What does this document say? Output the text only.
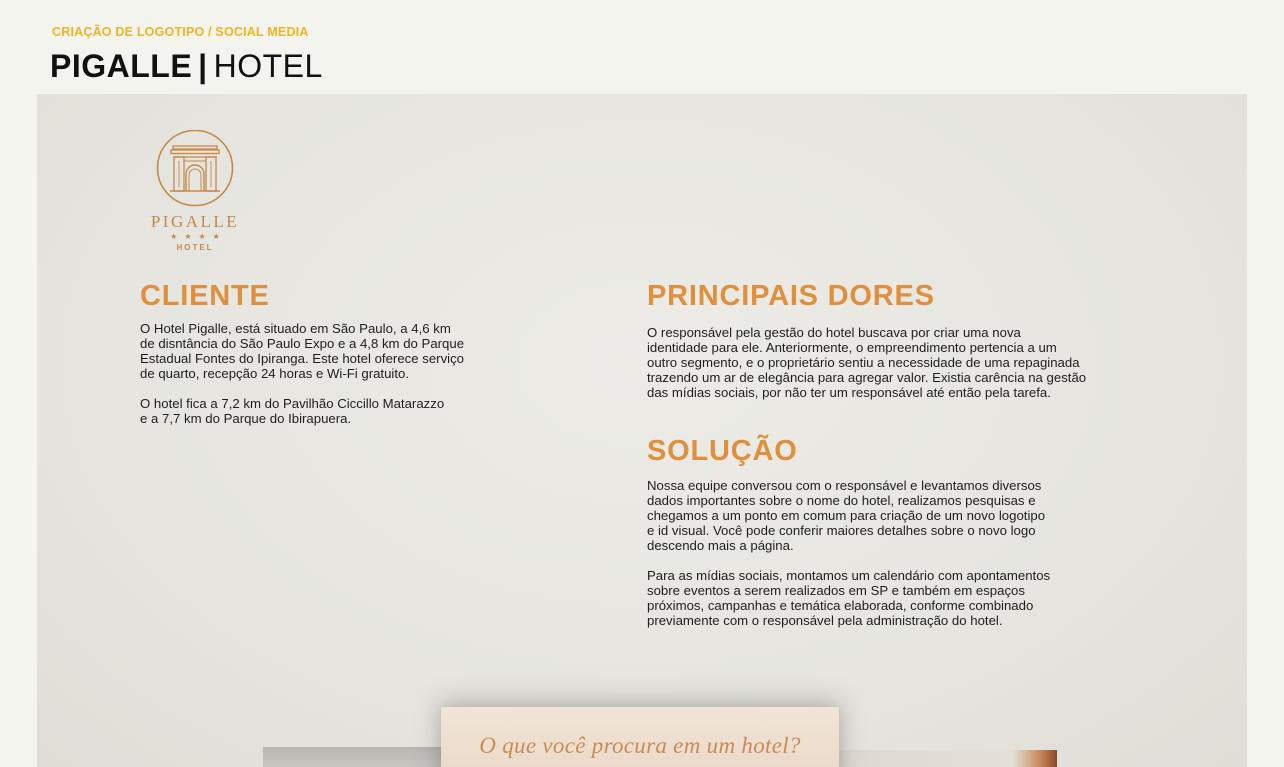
CRIAÇÃO DE LOGOTIPO / SOCIAL MEDIA
PIGALLE | HOTEL
PIGALLE
★★★★
HOTEL
CLIENTE

O Hotel Pigalle, está situado em São Paulo, a 4,6 km
de disntância do São Paulo Expo e a 4,8 km do Parque
Estadual Fontes do Ipiranga. Este hotel oferece serviço
de quarto, recepção 24 horas e Wi-Fi gratuito.

O hotel fica a 7,2 km do Pavilhão Ciccillo Matarazzo
e a 7,7 km do Parque do Ibirapuera.

PRINCIPAIS DORES

O responsável pela gestão do hotel buscava por criar uma nova
identidade para ele. Anteriormente, o empreendimento pertencia a um
outro segmento, e o proprietário sentiu a necessidade de uma repaginada
trazendo um ar de elegância para agregar valor. Existia carência na gestão
das mídias sociais, por não ter um responsável até então pela tarefa.

SOLUÇÃO

Nossa equipe conversou com o responsável e levantamos diversos
dados importantes sobre o nome do hotel, realizamos pesquisas e
chegamos a um ponto em comum para criação de um novo logotipo
e id visual. Você pode conferir maiores detalhes sobre o novo logo
descendo mais a página.

Para as mídias sociais, montamos um calendário com apontamentos
sobre eventos a serem realizados em SP e também em espaços
próximos, campanhas e temática elaborada, conforme combinado
previamente com o responsável pela administração do hotel.

O que você procura em um hotel?
